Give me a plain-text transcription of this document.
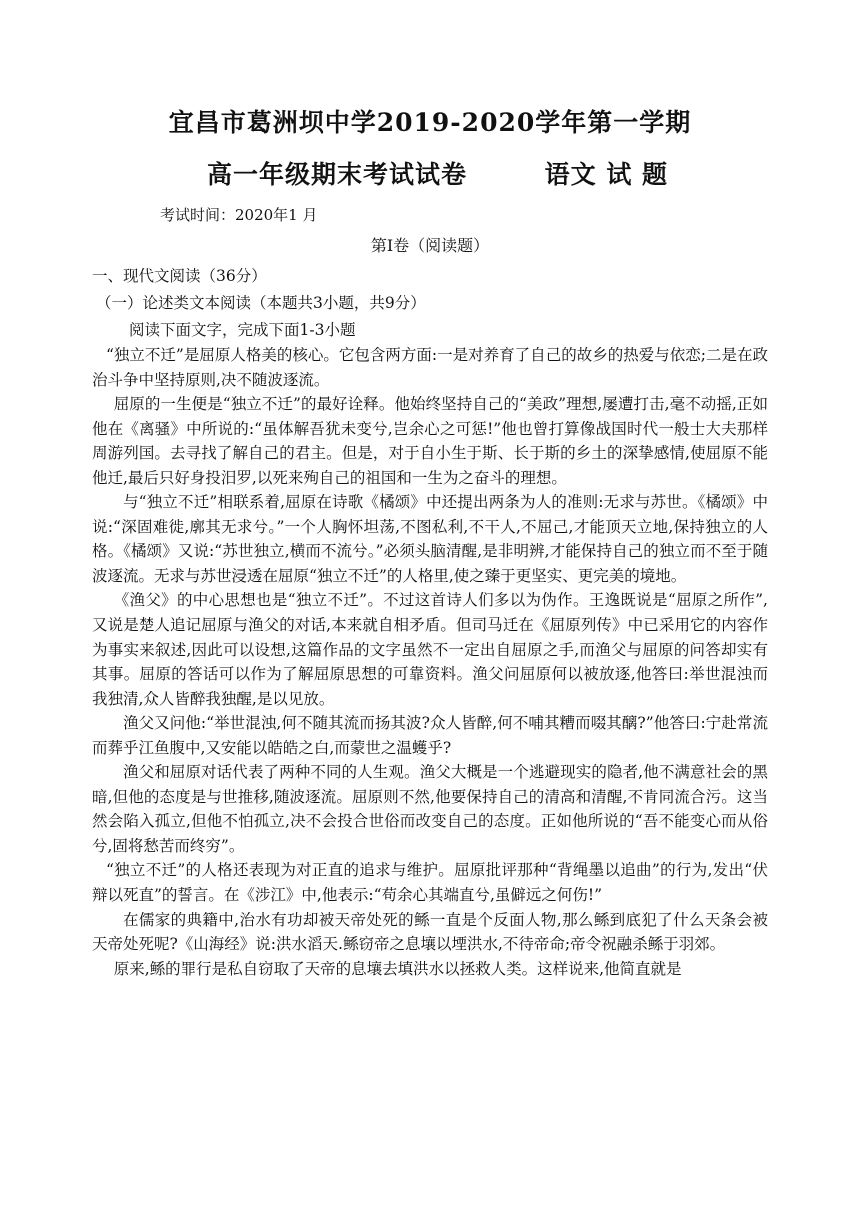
宜昌市葛洲坝中学2019-2020学年第一学期
高一年级期末考试试卷        语文 试 题
考试时间：2020年1 月
第Ⅰ卷（阅读题）
一、现代文阅读（36分）
（一）论述类文本阅读（本题共3小题，共9分）
阅读下面文字，完成下面1-3小题

“独立不迁”是屈原人格美的核心。它包含两方面:一是对养育了自己的故乡的热爱与依恋;二是在政治斗争中坚持原则,决不随波逐流。

屈原的一生便是“独立不迁”的最好诠释。他始终坚持自己的“美政”理想,屡遭打击,毫不动摇,正如他在《离骚》中所说的:“虽体解吾犹未变兮,岂余心之可惩!”他也曾打算像战国时代一般士大夫那样周游列国。去寻找了解自己的君主。但是，对于自小生于斯、长于斯的乡土的深挚感情,使屈原不能他迁,最后只好身投汨罗,以死来殉自己的祖国和一生为之奋斗的理想。

与“独立不迁”相联系着,屈原在诗歌《橘颂》中还提出两条为人的准则:无求与苏世。《橘颂》中说:“深固难徙,廓其无求兮。”一个人胸怀坦荡,不图私利,不干人,不屈己,才能顶天立地,保持独立的人格。《橘颂》又说:“苏世独立,横而不流兮。”必须头脑清醒,是非明辨,才能保持自己的独立而不至于随波逐流。无求与苏世浸透在屈原“独立不迁”的人格里,使之臻于更坚实、更完美的境地。

《渔父》的中心思想也是“独立不迁”。不过这首诗人们多以为伪作。王逸既说是“屈原之所作”,又说是楚人追记屈原与渔父的对话,本来就自相矛盾。但司马迁在《屈原列传》中已采用它的内容作为事实来叙述,因此可以设想,这篇作品的文字虽然不一定出自屈原之手,而渔父与屈原的问答却实有其事。屈原的答话可以作为了解屈原思想的可靠资料。渔父问屈原何以被放逐,他答曰:举世混浊而我独清,众人皆醉我独醒,是以见放。

渔父又问他:“举世混浊,何不随其流而扬其波?众人皆醉,何不哺其糟而啜其醨?”他答曰:宁赴常流而葬乎江鱼腹中,又安能以皓皓之白,而蒙世之温蠖乎?

渔父和屈原对话代表了两种不同的人生观。渔父大概是一个逃避现实的隐者,他不满意社会的黑暗,但他的态度是与世推移,随波逐流。屈原则不然,他要保持自己的清高和清醒,不肯同流合污。这当然会陷入孤立,但他不怕孤立,决不会投合世俗而改变自己的态度。正如他所说的“吾不能变心而从俗兮,固将愁苦而终穷”。

“独立不迁”的人格还表现为对正直的追求与维护。屈原批评那种“背绳墨以追曲”的行为,发出“伏辩以死直”的誓言。在《涉江》中,他表示:“苟余心其端直兮,虽僻远之何伤!”

在儒家的典籍中,治水有功却被天帝处死的鲧一直是个反面人物,那么鲧到底犯了什么天条会被天帝处死呢?《山海经》说:洪水滔天.鲧窃帝之息壤以堙洪水,不待帝命;帝令祝融杀鲧于羽郊。

原来,鲧的罪行是私自窃取了天帝的息壤去填洪水以拯救人类。这样说来,他简直就是
